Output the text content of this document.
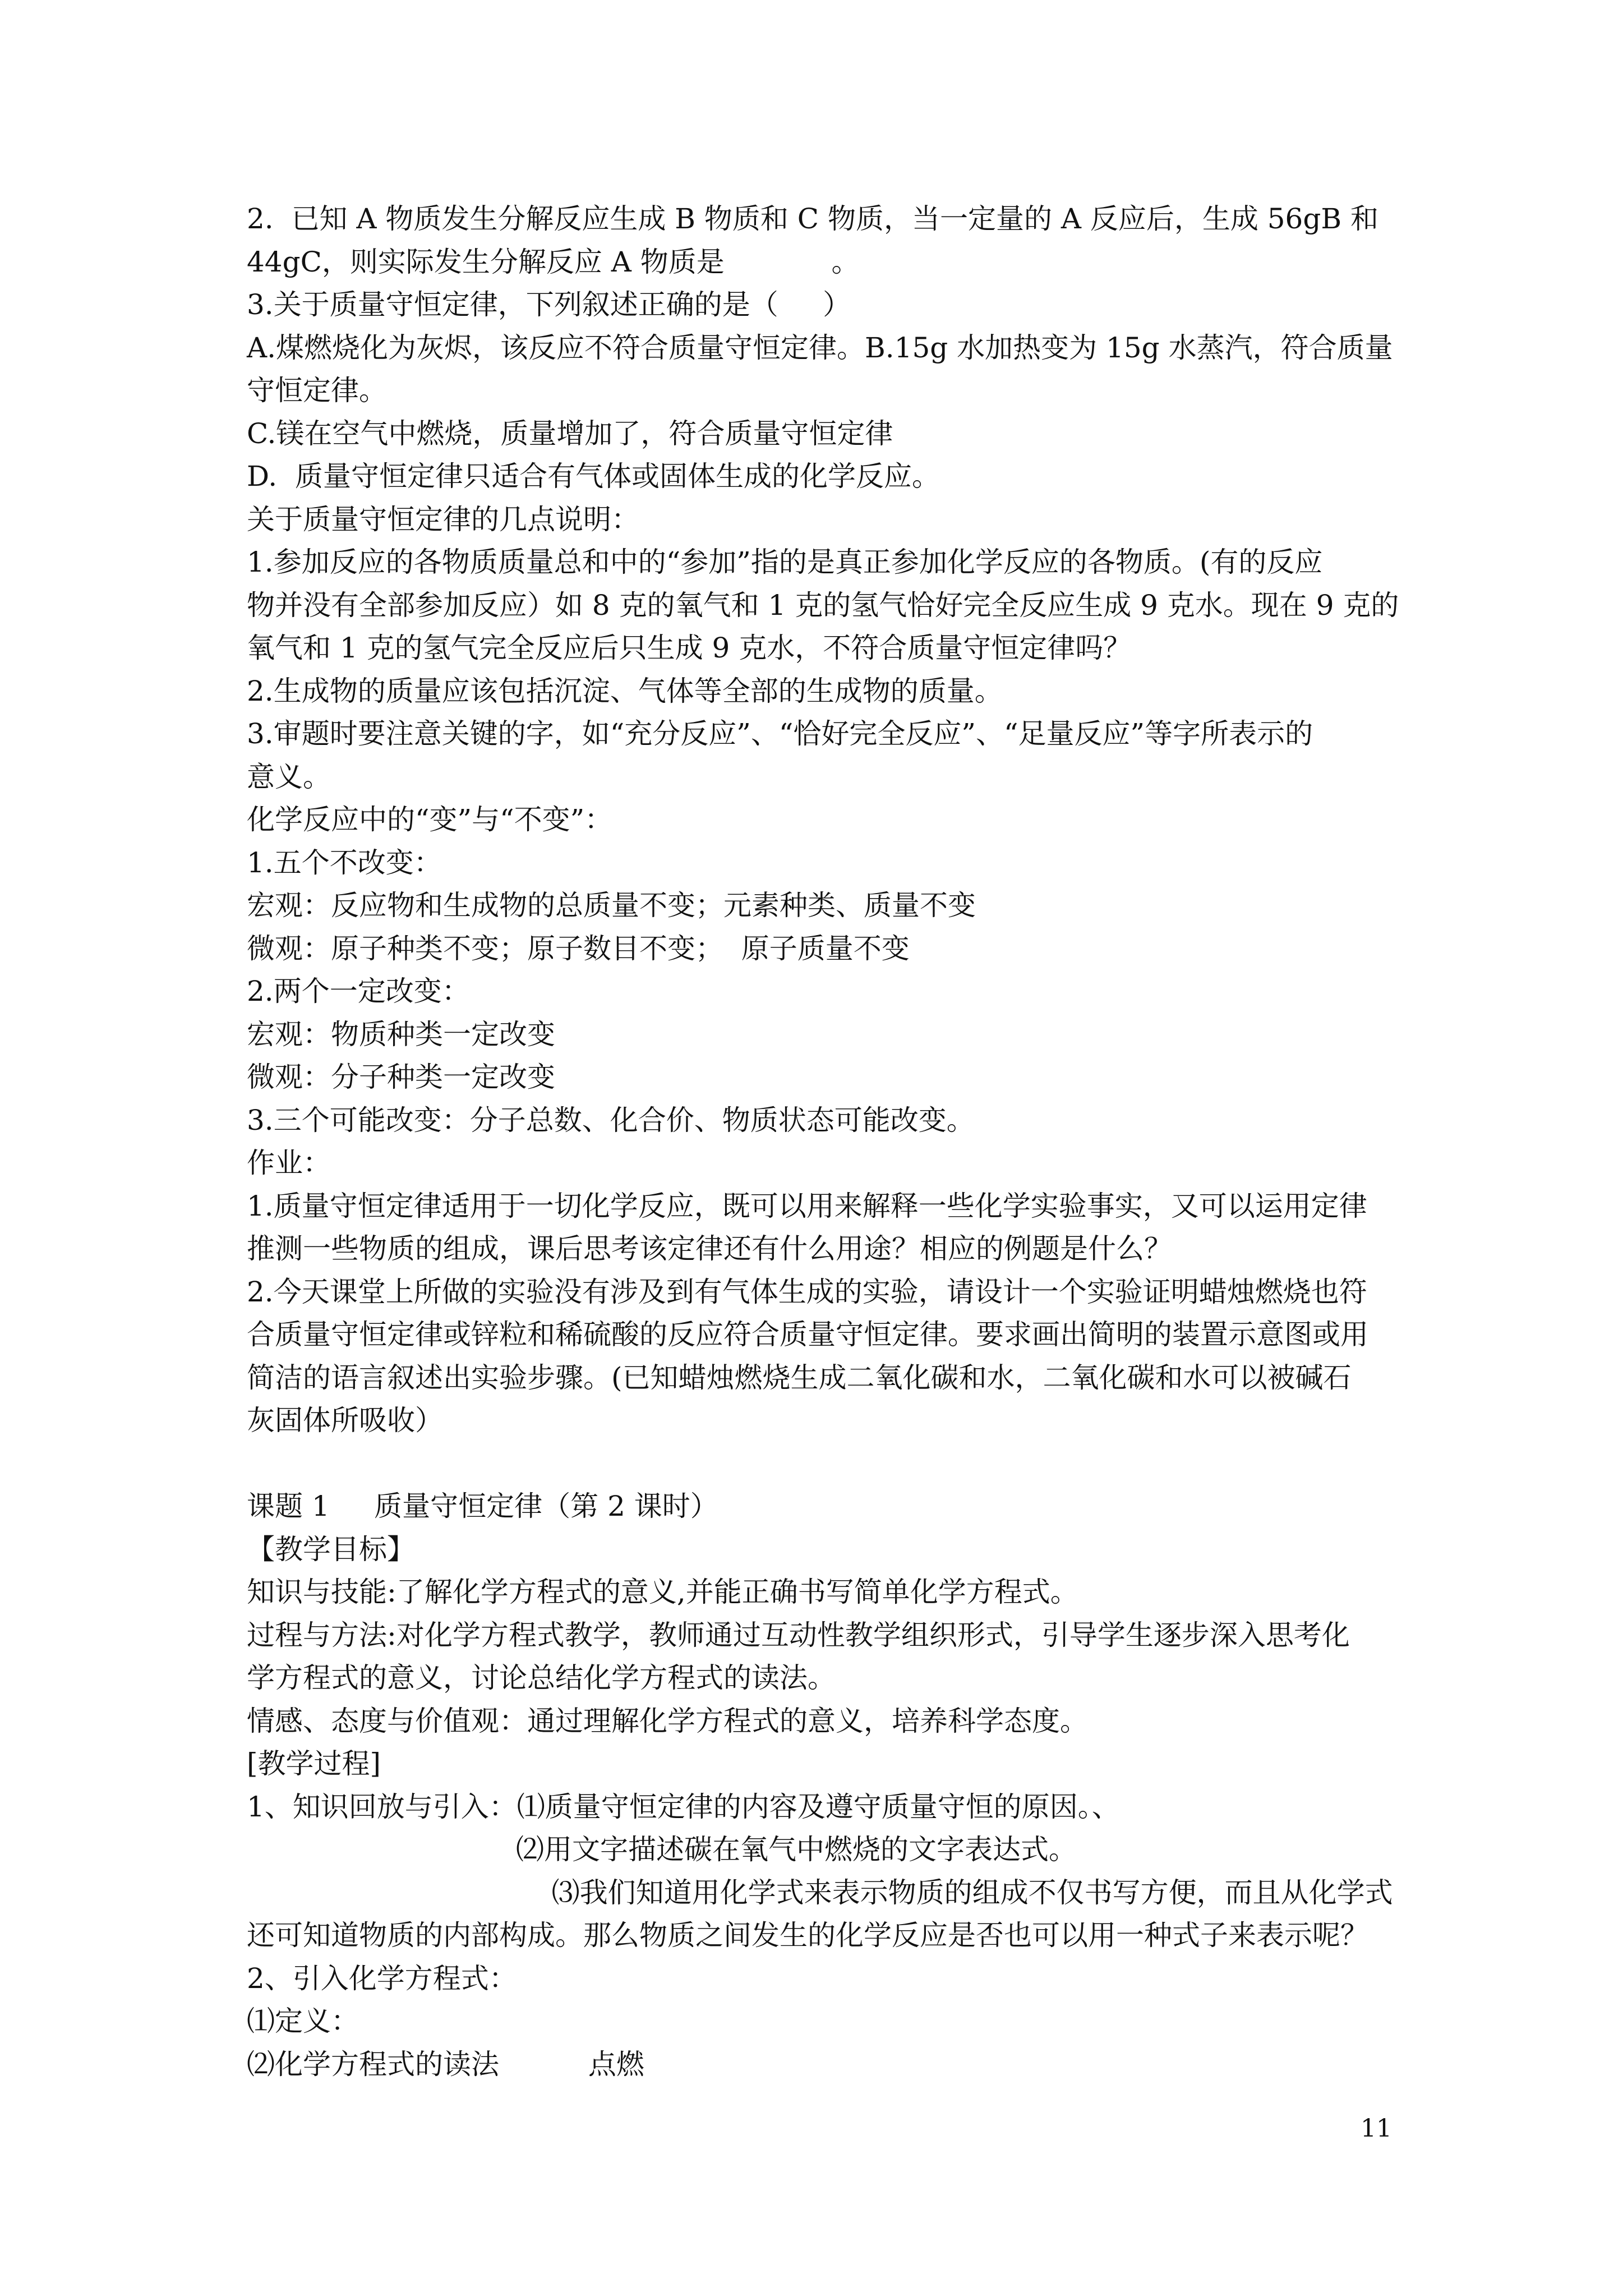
2.  已知 A 物质发生分解反应生成 B 物质和 C 物质，当一定量的 A 反应后，生成 56gB 和
44gC，则实际发生分解反应 A 物质是            。
3.关于质量守恒定律，下列叙述正确的是（     ）
A.煤燃烧化为灰烬，该反应不符合质量守恒定律。B.15g 水加热变为 15g 水蒸汽，符合质量
守恒定律。
C.镁在空气中燃烧，质量增加了，符合质量守恒定律
D.  质量守恒定律只适合有气体或固体生成的化学反应。
关于质量守恒定律的几点说明：
1.参加反应的各物质质量总和中的“参加”指的是真正参加化学反应的各物质。(有的反应
物并没有全部参加反应）如 8 克的氧气和 1 克的氢气恰好完全反应生成 9 克水。现在 9 克的
氧气和 1 克的氢气完全反应后只生成 9 克水，不符合质量守恒定律吗？
2.生成物的质量应该包括沉淀、气体等全部的生成物的质量。
3.审题时要注意关键的字，如“充分反应”、“恰好完全反应”、“足量反应”等字所表示的
意义。
化学反应中的“变”与“不变”：
1.五个不改变：
宏观：反应物和生成物的总质量不变；元素种类、质量不变
微观：原子种类不变；原子数目不变；  原子质量不变
2.两个一定改变：
宏观：物质种类一定改变
微观：分子种类一定改变
3.三个可能改变：分子总数、化合价、物质状态可能改变。
作业：
1.质量守恒定律适用于一切化学反应，既可以用来解释一些化学实验事实，又可以运用定律
推测一些物质的组成，课后思考该定律还有什么用途？相应的例题是什么？
2.今天课堂上所做的实验没有涉及到有气体生成的实验，请设计一个实验证明蜡烛燃烧也符
合质量守恒定律或锌粒和稀硫酸的反应符合质量守恒定律。要求画出简明的装置示意图或用
简洁的语言叙述出实验步骤。(已知蜡烛燃烧生成二氧化碳和水，二氧化碳和水可以被碱石
灰固体所吸收）
课题 1     质量守恒定律（第 2 课时）
【教学目标】
知识与技能:了解化学方程式的意义,并能正确书写简单化学方程式。
过程与方法:对化学方程式教学，教师通过互动性教学组织形式，引导学生逐步深入思考化
学方程式的意义，讨论总结化学方程式的读法。
情感、态度与价值观：通过理解化学方程式的意义，培养科学态度。
[教学过程]
1、知识回放与引入：⑴质量守恒定律的内容及遵守质量守恒的原因。、
⑵用文字描述碳在氧气中燃烧的文字表达式。
⑶我们知道用化学式来表示物质的组成不仅书写方便，而且从化学式
还可知道物质的内部构成。那么物质之间发生的化学反应是否也可以用一种式子来表示呢？
2、引入化学方程式：
⑴定义：
⑵化学方程式的读法          点燃
11
